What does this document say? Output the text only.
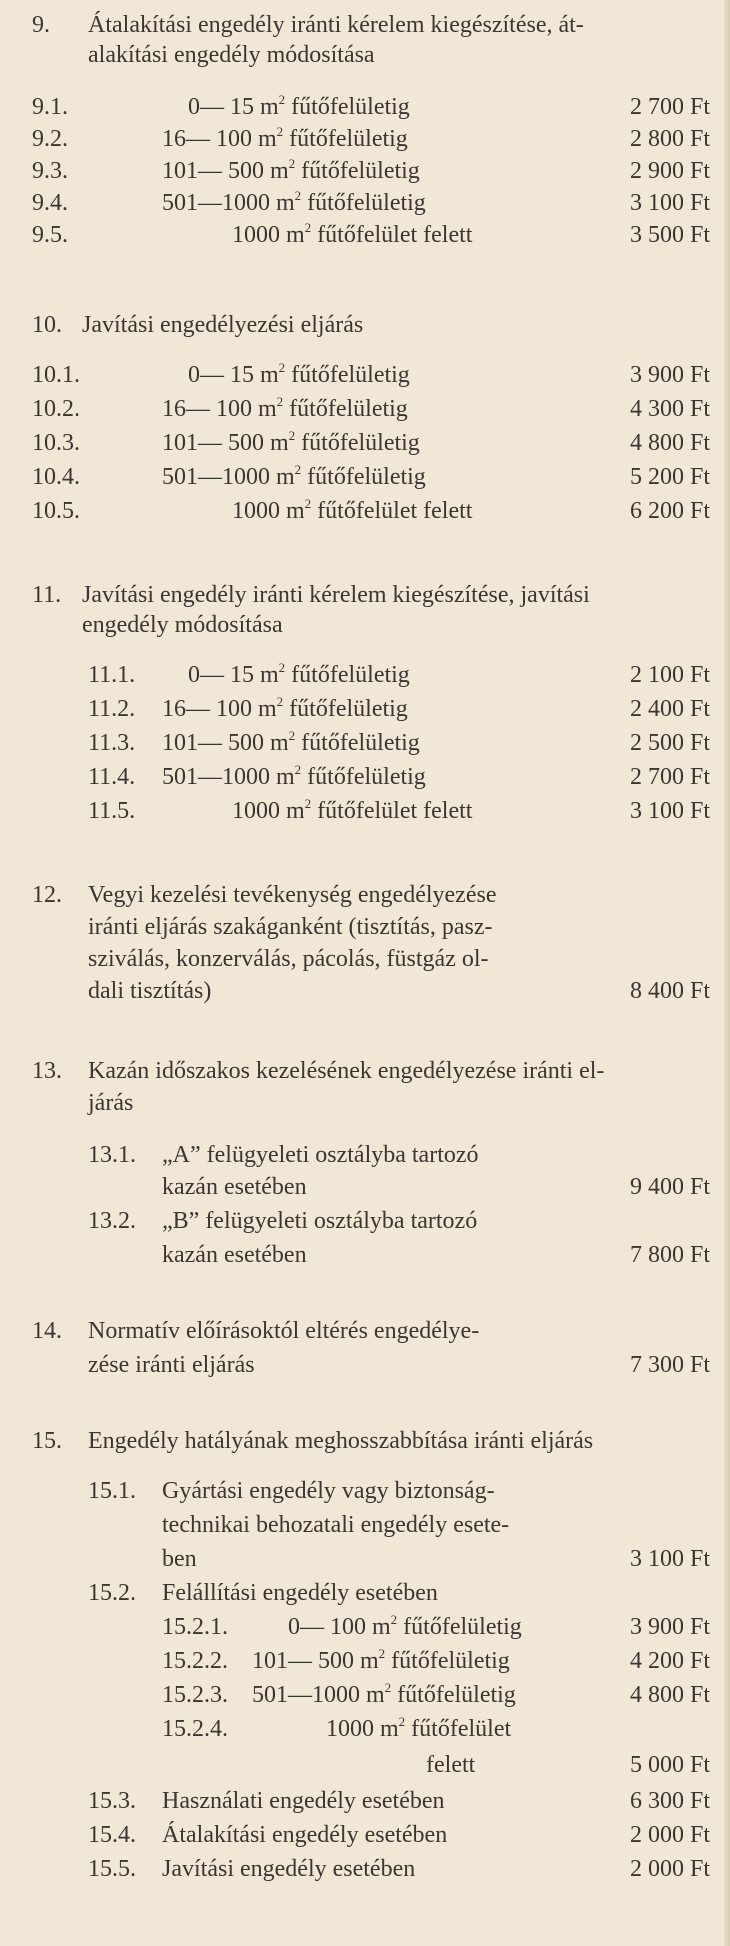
9. Átalakítási engedély iránti kérelem kiegészítése, át-
alakítási engedély módosítása
9.1.	0— 15 $m^2$ fűtőfelületig	2 700 Ft
9.2.	16— 100 $m^2$ fűtőfelületig	2 800 Ft
9.3.	101— 500 $m^2$ fűtőfelületig	2 900 Ft
9.4.	501—1000 $m^2$ fűtőfelületig	3 100 Ft
9.5.	1000 $m^2$ fűtőfelület felett	3 500 Ft
10. Javítási engedélyezési eljárás
10.1.	0— 15 $m^2$ fűtőfelületig	3 900 Ft
10.2.	16— 100 $m^2$ fűtőfelületig	4 300 Ft
10.3.	101— 500 $m^2$ fűtőfelületig	4 800 Ft
10.4.	501—1000 $m^2$ fűtőfelületig	5 200 Ft
10.5.	1000 $m^2$ fűtőfelület felett	6 200 Ft
11. Javítási engedély iránti kérelem kiegészítése, javítási
engedély módosítása
11.1. 0— 15 $m^2$ fűtőfelületig	2 100 Ft
11.2. 16— 100 $m^2$ fűtőfelületig	2 400 Ft
11.3. 101— 500 $m^2$ fűtőfelületig	2 500 Ft
11.4. 501—1000 $m^2$ fűtőfelületig	2 700 Ft
11.5.	1000 $m^2$ fűtőfelület felett	3 100 Ft
12. Vegyi kezelési tevékenység engedélyezése
iránti eljárás szakáganként (tisztítás, pasz-
sziválás, konzerválás, pácolás, füstgáz ol-
dali tisztítás)	8 400 Ft
13. Kazán időszakos kezelésének engedélyezése iránti el-
járás
13.1. „A” felügyeleti osztályba tartozó
kazán esetében	9 400 Ft
13.2. „B” felügyeleti osztályba tartozó
kazán esetében	7 800 Ft
14. Normatív előírásoktól eltérés engedélye-
zése iránti eljárás	7 300 Ft
15. Engedély hatályának meghosszabbítása iránti eljárás
15.1. Gyártási engedély vagy biztonság-
technikai behozatali engedély esete-
ben	3 100 Ft
15.2. Felállítási engedély esetében
15.2.1.	0— 100 $m^2$ fűtőfelületig	3 900 Ft
15.2.2. 101— 500 $m^2$ fűtőfelületig	4 200 Ft
15.2.3. 501—1000 $m^2$ fűtőfelületig	4 800 Ft
15.2.4.	1000 $m^2$ fűtőfelület
felett	5 000 Ft
15.3. Használati engedély esetében	6 300 Ft
15.4. Átalakítási engedély esetében	2 000 Ft
15.5. Javítási engedély esetében	2 000 Ft
